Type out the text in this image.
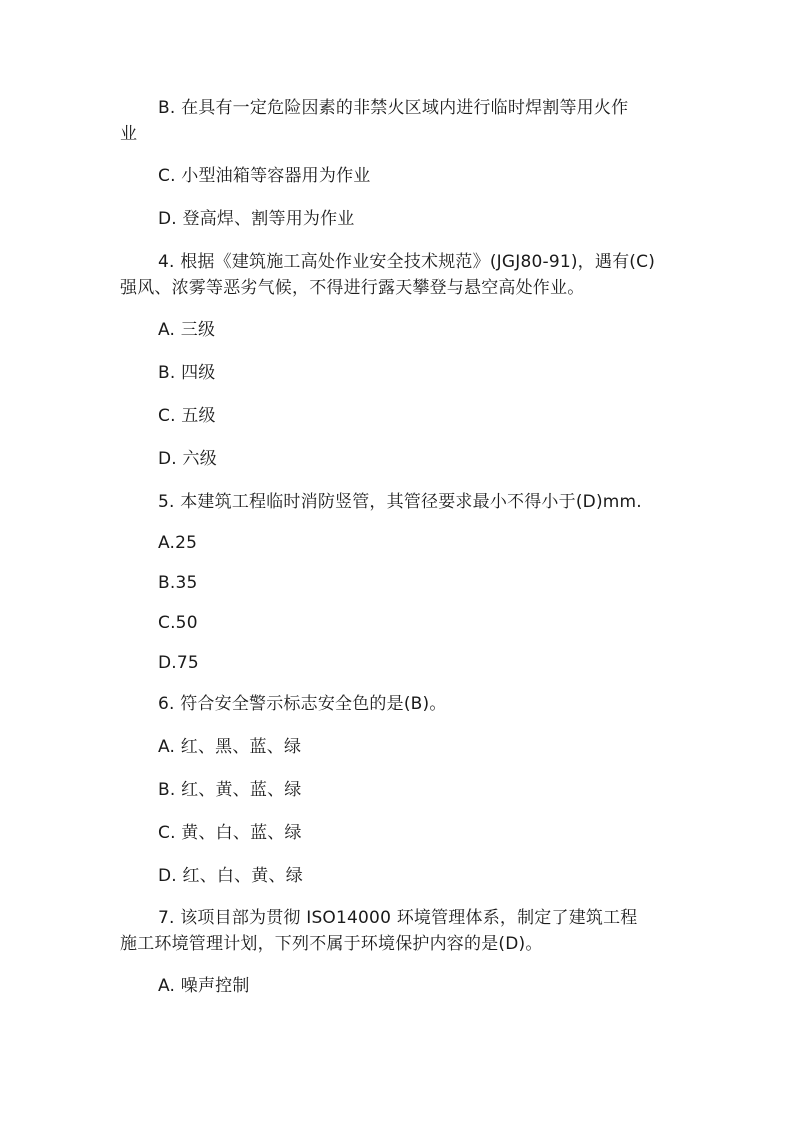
B. 在具有一定危险因素的非禁火区域内进行临时焊割等用火作
业
C. 小型油箱等容器用为作业
D. 登高焊、割等用为作业
4. 根据《建筑施工高处作业安全技术规范》(JGJ80-91)，遇有(C)
强风、浓雾等恶劣气候，不得进行露天攀登与悬空高处作业。
A. 三级
B. 四级
C. 五级
D. 六级
5. 本建筑工程临时消防竖管，其管径要求最小不得小于(D)mm.
A.25
B.35
C.50
D.75
6. 符合安全警示标志安全色的是(B)。
A. 红、黑、蓝、绿
B. 红、黄、蓝、绿
C. 黄、白、蓝、绿
D. 红、白、黄、绿
7. 该项目部为贯彻 ISO14000 环境管理体系，制定了建筑工程
施工环境管理计划，下列不属于环境保护内容的是(D)。
A. 噪声控制
